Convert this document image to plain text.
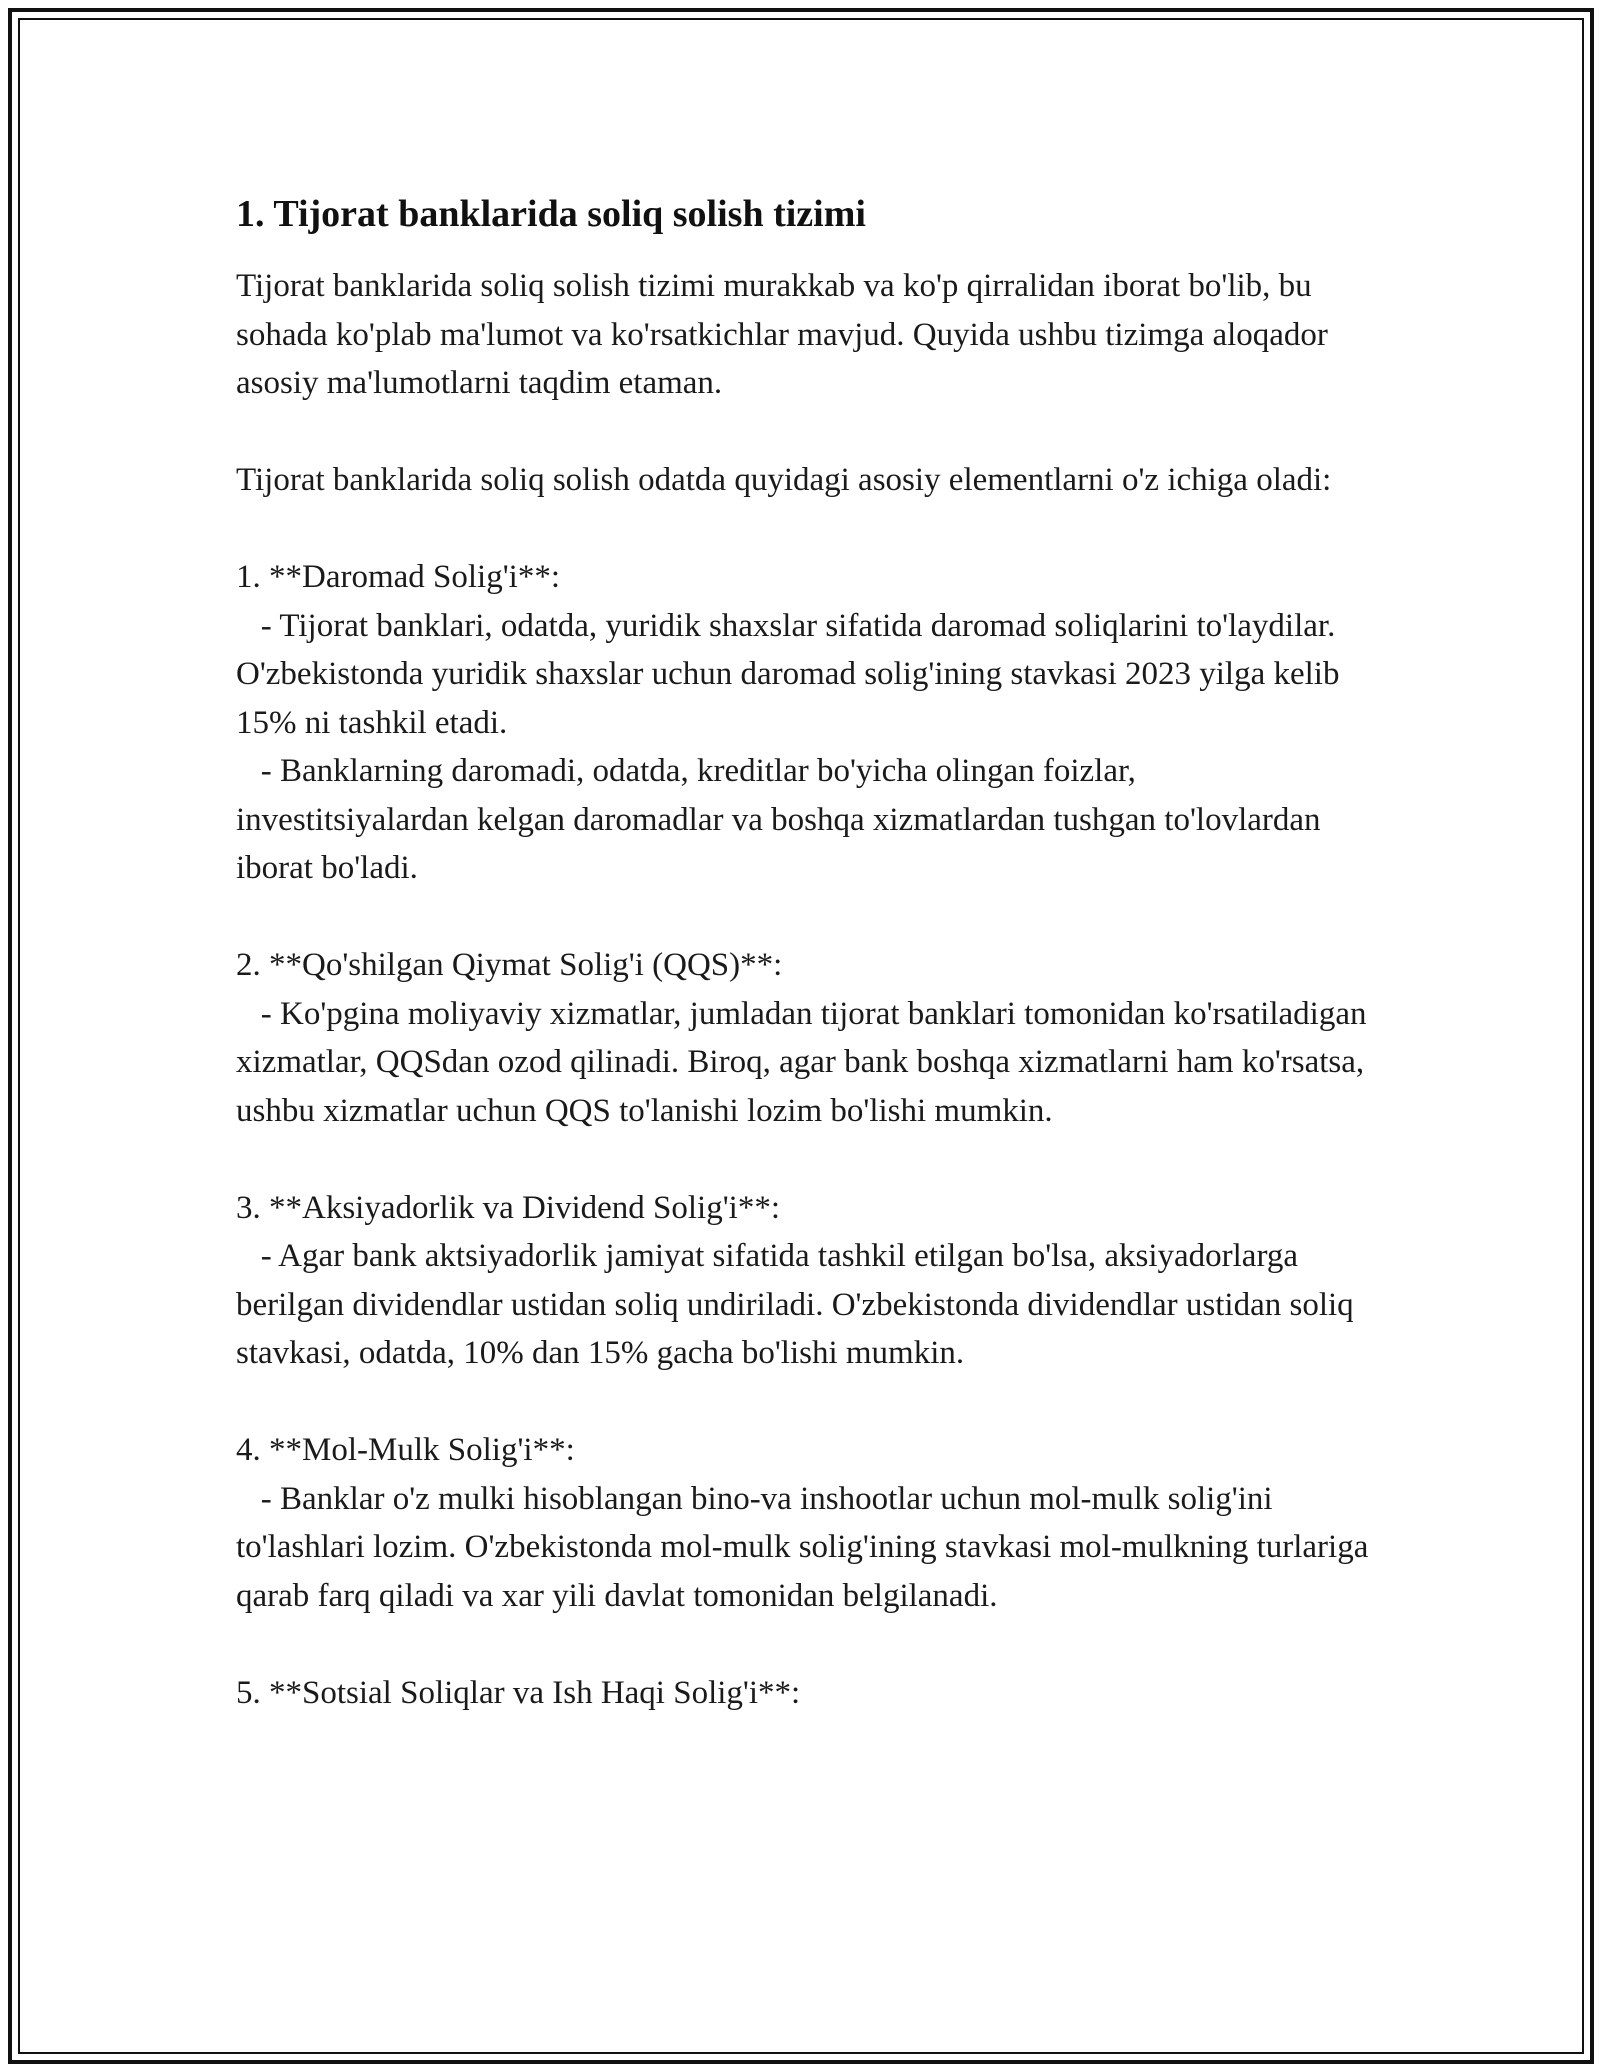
1. Tijorat banklarida soliq solish tizimi

Tijorat banklarida soliq solish tizimi murakkab va ko'p qirralidan iborat bo'lib, bu sohada ko'plab ma'lumot va ko'rsatkichlar mavjud. Quyida ushbu tizimga aloqador asosiy ma'lumotlarni taqdim etaman.

Tijorat banklarida soliq solish odatda quyidagi asosiy elementlarni o'z ichiga oladi:

1. **Daromad Solig'i**:

- Tijorat banklari, odatda, yuridik shaxslar sifatida daromad soliqlarini to'laydilar. O'zbekistonda yuridik shaxslar uchun daromad solig'ining stavkasi 2023 yilga kelib 15% ni tashkil etadi.
- Banklarning daromadi, odatda, kreditlar bo'yicha olingan foizlar, investitsiyalardan kelgan daromadlar va boshqa xizmatlardan tushgan to'lovlardan iborat bo'ladi.

2. **Qo'shilgan Qiymat Solig'i (QQS)**:

- Ko'pgina moliyaviy xizmatlar, jumladan tijorat banklari tomonidan ko'rsatiladigan xizmatlar, QQSdan ozod qilinadi. Biroq, agar bank boshqa xizmatlarni ham ko'rsatsa, ushbu xizmatlar uchun QQS to'lanishi lozim bo'lishi mumkin.

3. **Aksiyadorlik va Dividend Solig'i**:

- Agar bank aktsiyadorlik jamiyat sifatida tashkil etilgan bo'lsa, aksiyadorlarga berilgan dividendlar ustidan soliq undiriladi. O'zbekistonda dividendlar ustidan soliq stavkasi, odatda, 10% dan 15% gacha bo'lishi mumkin.

4. **Mol-Mulk Solig'i**:

- Banklar o'z mulki hisoblangan bino-va inshootlar uchun mol-mulk solig'ini to'lashlari lozim. O'zbekistonda mol-mulk solig'ining stavkasi mol-mulkning turlariga qarab farq qiladi va xar yili davlat tomonidan belgilanadi.

5. **Sotsial Soliqlar va Ish Haqi Solig'i**:
